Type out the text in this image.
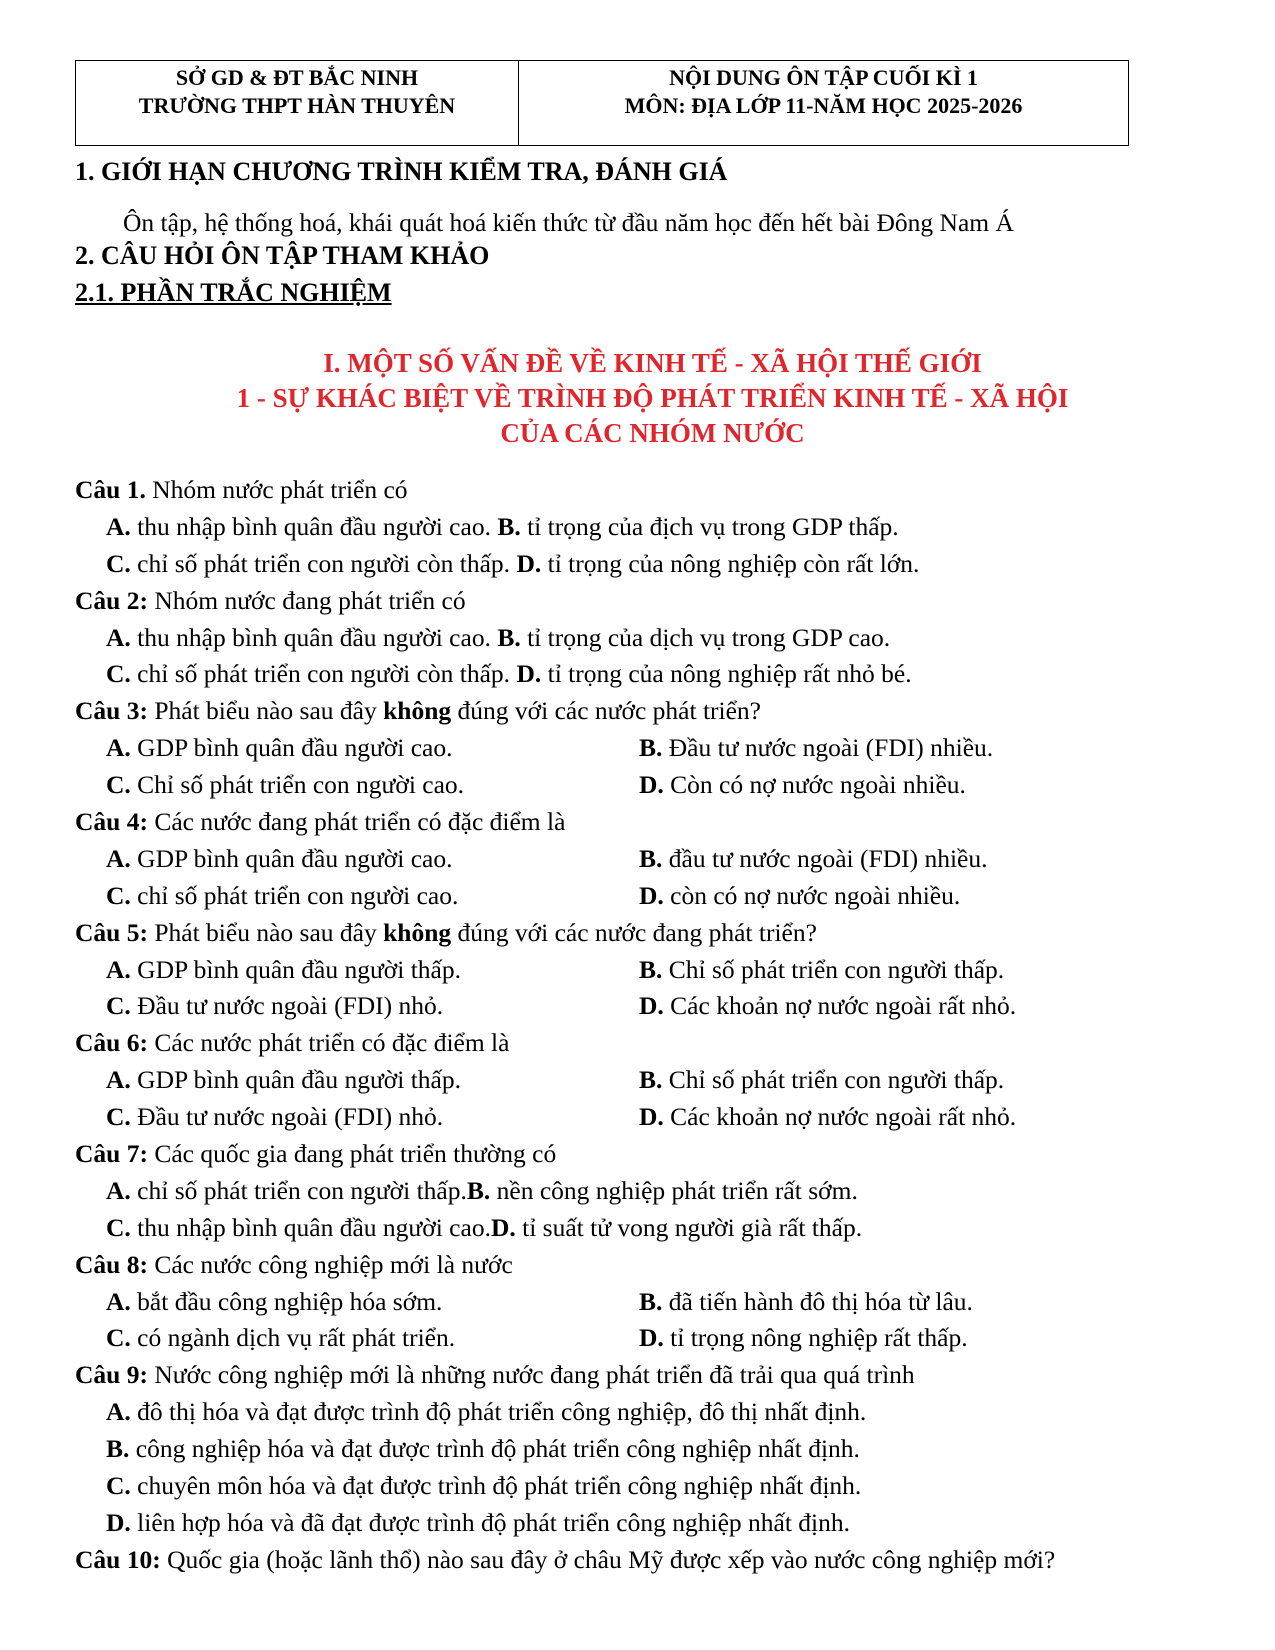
SỞ GD & ĐT BẮC NINH
TRƯỜNG THPT HÀN THUYÊN
NỘI DUNG ÔN TẬP CUỐI KÌ 1
MÔN: ĐỊA LỚP 11-NĂM HỌC 2025-2026
1. GIỚI HẠN CHƯƠNG TRÌNH KIỂM TRA, ĐÁNH GIÁ
Ôn tập, hệ thống hoá, khái quát hoá kiến thức từ đầu năm học đến hết bài Đông Nam Á
2. CÂU HỎI ÔN TẬP THAM KHẢO
2.1. PHẦN TRẮC NGHIỆM
I. MỘT SỐ VẤN ĐỀ VỀ KINH TẾ - XÃ HỘI THẾ GIỚI
1 - SỰ KHÁC BIỆT VỀ TRÌNH ĐỘ PHÁT TRIỂN KINH TẾ - XÃ HỘI
CỦA CÁC NHÓM NƯỚC
Câu 1. Nhóm nước phát triển có
A. thu nhập bình quân đầu người cao. B. tỉ trọng của địch vụ trong GDP thấp.
C. chỉ số phát triển con người còn thấp. D. tỉ trọng của nông nghiệp còn rất lớn.
Câu 2: Nhóm nước đang phát triển có
A. thu nhập bình quân đầu người cao. B. tỉ trọng của dịch vụ trong GDP cao.
C. chỉ số phát triển con người còn thấp. D. tỉ trọng của nông nghiệp rất nhỏ bé.
Câu 3: Phát biểu nào sau đây không đúng với các nước phát triển?
A. GDP bình quân đầu người cao.	B. Đầu tư nước ngoài (FDI) nhiều.
C. Chỉ số phát triển con người cao.	D. Còn có nợ nước ngoài nhiều.
Câu 4: Các nước đang phát triển có đặc điểm là
A. GDP bình quân đầu người cao.	B. đầu tư nước ngoài (FDI) nhiều.
C. chỉ số phát triển con người cao.	D. còn có nợ nước ngoài nhiều.
Câu 5: Phát biểu nào sau đây không đúng với các nước đang phát triển?
A. GDP bình quân đầu người thấp.	B. Chỉ số phát triển con người thấp.
C. Đầu tư nước ngoài (FDI) nhỏ.	D. Các khoản nợ nước ngoài rất nhỏ.
Câu 6: Các nước phát triển có đặc điểm là
A. GDP bình quân đầu người thấp.	B. Chỉ số phát triển con người thấp.
C. Đầu tư nước ngoài (FDI) nhỏ.	D. Các khoản nợ nước ngoài rất nhỏ.
Câu 7: Các quốc gia đang phát triển thường có
A. chỉ số phát triển con người thấp.B. nền công nghiệp phát triển rất sớm.
C. thu nhập bình quân đầu người cao.D. tỉ suất tử vong người già rất thấp.
Câu 8: Các nước công nghiệp mới là nước
A. bắt đầu công nghiệp hóa sớm.	B. đã tiến hành đô thị hóa từ lâu.
C. có ngành dịch vụ rất phát triển.	D. tỉ trọng nông nghiệp rất thấp.
Câu 9: Nước công nghiệp mới là những nước đang phát triển đã trải qua quá trình
A. đô thị hóa và đạt được trình độ phát triển công nghiệp, đô thị nhất định.
B. công nghiệp hóa và đạt được trình độ phát triển công nghiệp nhất định.
C. chuyên môn hóa và đạt được trình độ phát triển công nghiệp nhất định.
D. liên hợp hóa và đã đạt được trình độ phát triển công nghiệp nhất định.
Câu 10: Quốc gia (hoặc lãnh thổ) nào sau đây ở châu Mỹ được xếp vào nước công nghiệp mới?
